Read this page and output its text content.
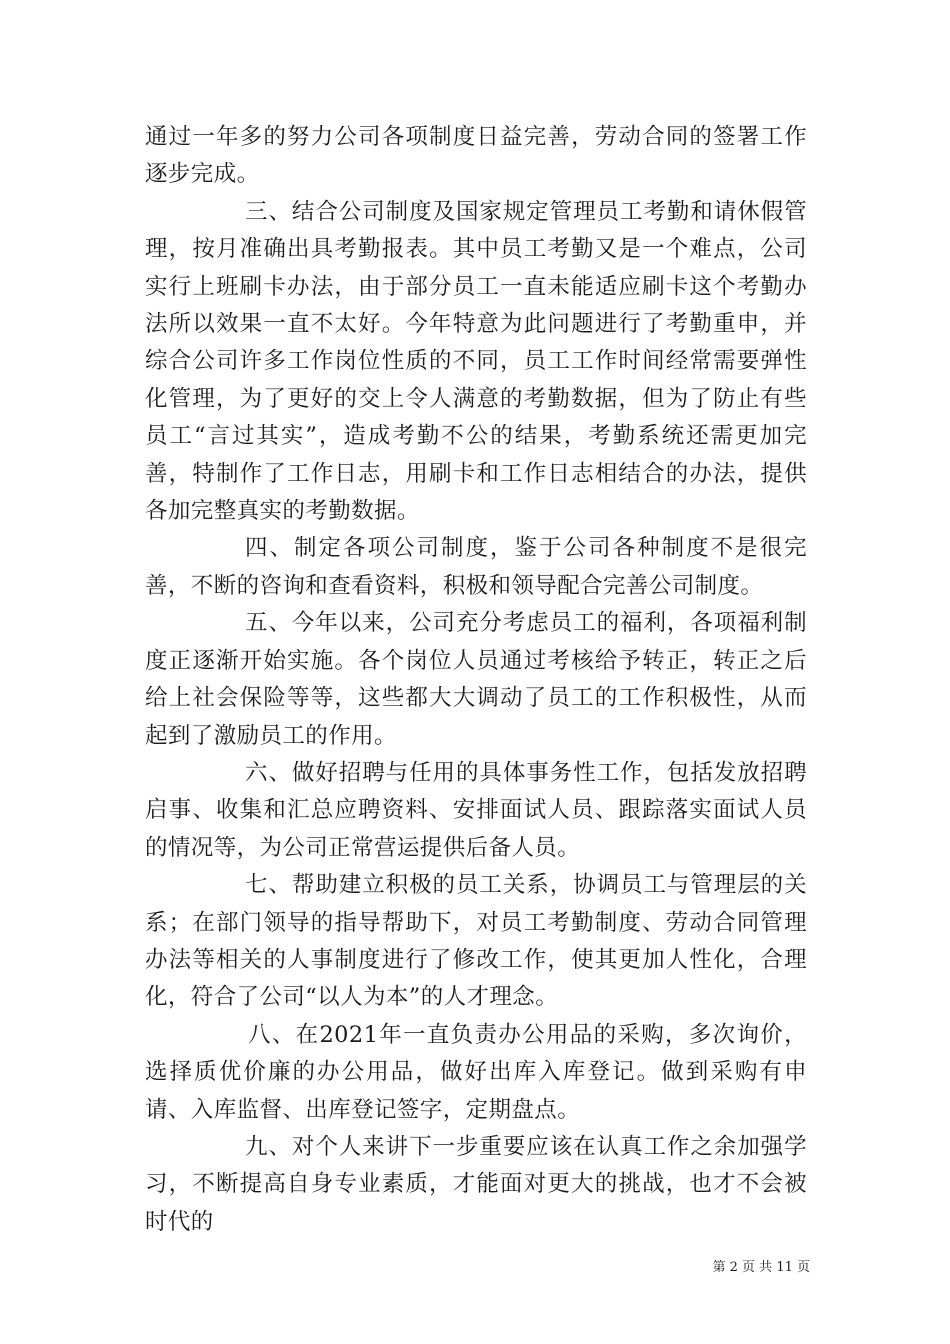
通过一年多的努力公司各项制度日益完善，劳动合同的签署工作逐步完成。

三、结合公司制度及国家规定管理员工考勤和请休假管理，按月准确出具考勤报表。其中员工考勤又是一个难点，公司实行上班刷卡办法，由于部分员工一直未能适应刷卡这个考勤办法所以效果一直不太好。今年特意为此问题进行了考勤重申，并综合公司许多工作岗位性质的不同，员工工作时间经常需要弹性化管理，为了更好的交上令人满意的考勤数据，但为了防止有些员工“言过其实”，造成考勤不公的结果，考勤系统还需更加完善，特制作了工作日志，用刷卡和工作日志相结合的办法，提供各加完整真实的考勤数据。

四、制定各项公司制度，鉴于公司各种制度不是很完善，不断的咨询和查看资料，积极和领导配合完善公司制度。

五、今年以来，公司充分考虑员工的福利，各项福利制度正逐渐开始实施。各个岗位人员通过考核给予转正，转正之后给上社会保险等等，这些都大大调动了员工的工作积极性，从而起到了激励员工的作用。

六、做好招聘与任用的具体事务性工作，包括发放招聘启事、收集和汇总应聘资料、安排面试人员、跟踪落实面试人员的情况等，为公司正常营运提供后备人员。

七、帮助建立积极的员工关系，协调员工与管理层的关系；在部门领导的指导帮助下，对员工考勤制度、劳动合同管理办法等相关的人事制度进行了修改工作，使其更加人性化，合理化，符合了公司“以人为本”的人才理念。

八、在2021年一直负责办公用品的采购，多次询价，选择质优价廉的办公用品，做好出库入库登记。做到采购有申请、入库监督、出库登记签字，定期盘点。

九、对个人来讲下一步重要应该在认真工作之余加强学习，不断提高自身专业素质，才能面对更大的挑战，也才不会被时代的

第 2 页 共 11 页
